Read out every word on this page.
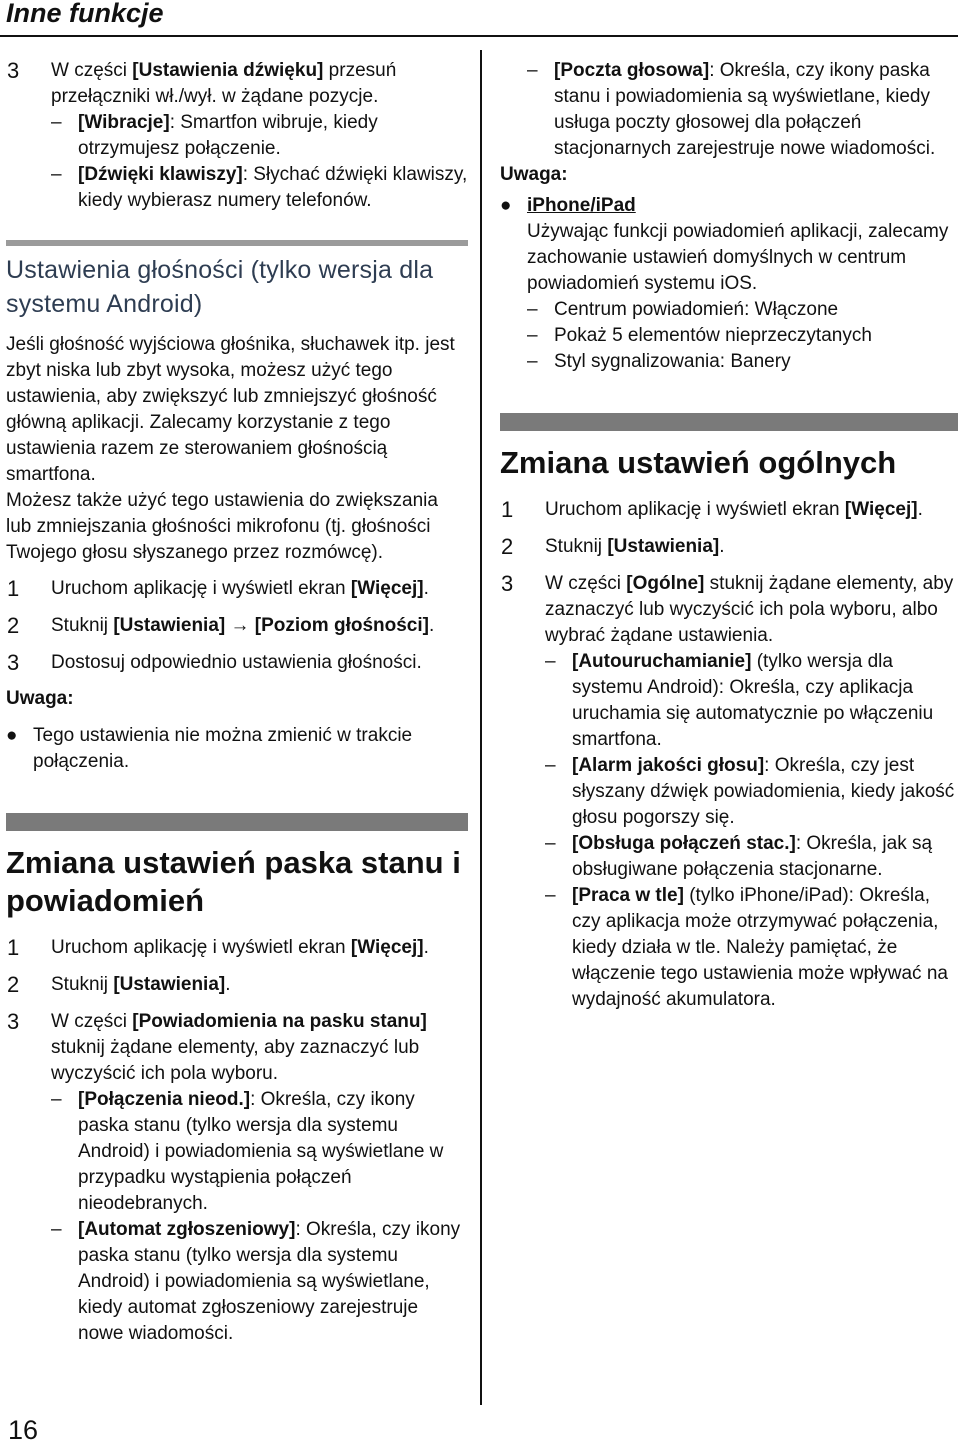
Inne funkcje
3 W części [Ustawienia dźwięku] przesuń przełączniki wł./wył. w żądane pozycje.
– [Wibracje]: Smartfon wibruje, kiedy otrzymujesz połączenie.
– [Dźwięki klawiszy]: Słychać dźwięki klawiszy, kiedy wybierasz numery telefonów.
Ustawienia głośności (tylko wersja dla systemu Android)

Jeśli głośność wyjściowa głośnika, słuchawek itp. jest zbyt niska lub zbyt wysoka, możesz użyć tego ustawienia, aby zwiększyć lub zmniejszyć głośność główną aplikacji. Zalecamy korzystanie z tego ustawienia razem ze sterowaniem głośnością smartfona.

Możesz także użyć tego ustawienia do zwiększania lub zmniejszania głośności mikrofonu (tj. głośności Twojego głosu słyszanego przez rozmówcę).

1 Uruchom aplikację i wyświetl ekran [Więcej].
2 Stuknij [Ustawienia] → [Poziom głośności].
3 Dostosuj odpowiednio ustawienia głośności.

Uwaga:

● Tego ustawienia nie można zmienić w trakcie połączenia.
Zmiana ustawień paska stanu i powiadomień
1 Uruchom aplikację i wyświetl ekran [Więcej].
2 Stuknij [Ustawienia].
3 W części [Powiadomienia na pasku stanu] stuknij żądane elementy, aby zaznaczyć lub wyczyścić ich pola wyboru.
– [Połączenia nieod.]: Określa, czy ikony paska stanu (tylko wersja dla systemu Android) i powiadomienia są wyświetlane w przypadku wystąpienia połączeń nieodebranych.
– [Automat zgłoszeniowy]: Określa, czy ikony paska stanu (tylko wersja dla systemu Android) i powiadomienia są wyświetlane, kiedy automat zgłoszeniowy zarejestruje nowe wiadomości.
– [Poczta głosowa]: Określa, czy ikony paska stanu i powiadomienia są wyświetlane, kiedy usługa poczty głosowej dla połączeń stacjonarnych zarejestruje nowe wiadomości.

Uwaga:

● iPhone/iPad
Używając funkcji powiadomień aplikacji, zalecamy zachowanie ustawień domyślnych w centrum powiadomień systemu iOS.
– Centrum powiadomień: Włączone
– Pokaż 5 elementów nieprzeczytanych
– Styl sygnalizowania: Banery
Zmiana ustawień ogólnych
1 Uruchom aplikację i wyświetl ekran [Więcej].
2 Stuknij [Ustawienia].
3 W części [Ogólne] stuknij żądane elementy, aby zaznaczyć lub wyczyścić ich pola wyboru, albo wybrać żądane ustawienia.
– [Autouruchamianie] (tylko wersja dla systemu Android): Określa, czy aplikacja uruchamia się automatycznie po włączeniu smartfona.
– [Alarm jakości głosu]: Określa, czy jest słyszany dźwięk powiadomienia, kiedy jakość głosu pogorszy się.
– [Obsługa połączeń stac.]: Określa, jak są obsługiwane połączenia stacjonarne.
– [Praca w tle] (tylko iPhone/iPad): Określa, czy aplikacja może otrzymywać połączenia, kiedy działa w tle. Należy pamiętać, że włączenie tego ustawienia może wpływać na wydajność akumulatora.
16
